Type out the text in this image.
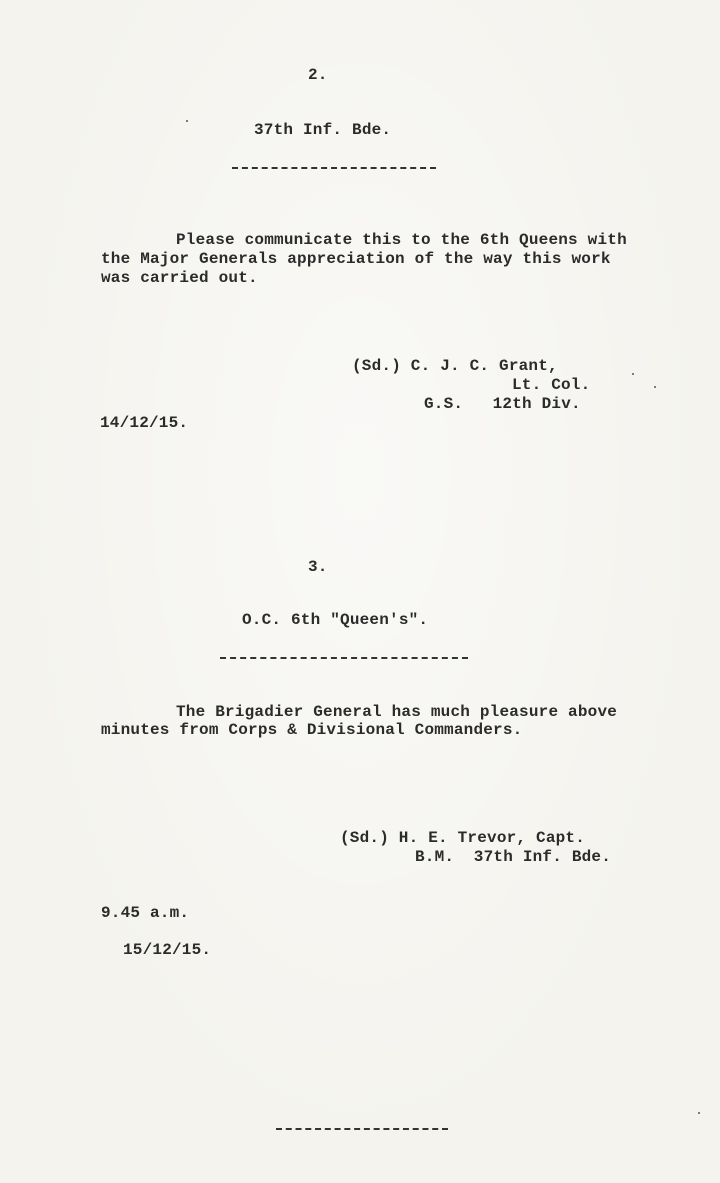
2.
37th Inf. Bde.
Please communicate this to the 6th Queens with
the Major Generals appreciation of the way this work
was carried out.
(Sd.) C. J. C. Grant,
Lt. Col.
G.S.   12th Div.
14/12/15.
3.
O.C. 6th "Queen's".
The Brigadier General has much pleasure above
minutes from Corps & Divisional Commanders.
(Sd.) H. E. Trevor, Capt.
B.M.  37th Inf. Bde.
9.45 a.m.
15/12/15.
